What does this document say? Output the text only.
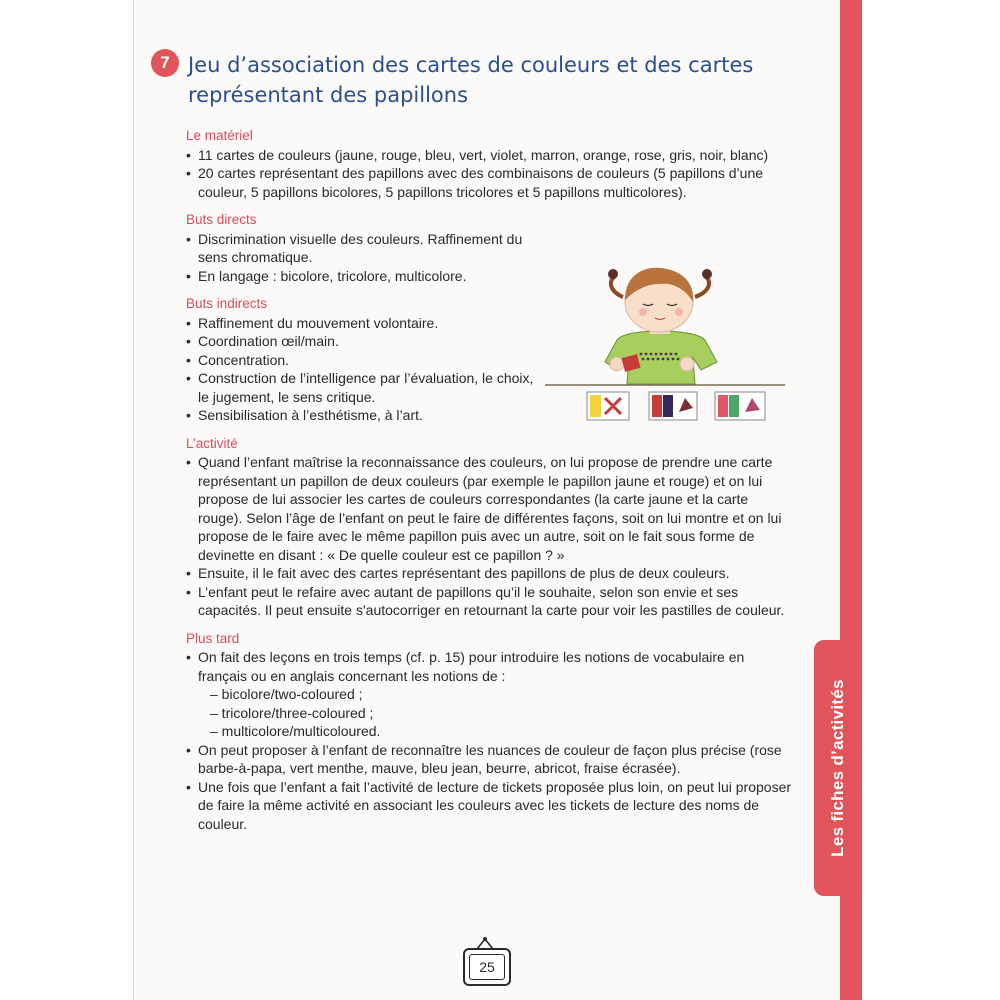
Les fiches d’activités
7 Jeu d’association des cartes de couleurs et des cartes
représentant des papillons
Le matériel
• 11 cartes de couleurs (jaune, rouge, bleu, vert, violet, marron, orange, rose, gris, noir, blanc)
• 20 cartes représentant des papillons avec des combinaisons de couleurs (5 papillons d’une couleur, 5 papillons bicolores, 5 papillons tricolores et 5 papillons multicolores).
Buts directs
• Discrimination visuelle des couleurs. Raffinement du sens chromatique.
• En langage : bicolore, tricolore, multicolore.
Buts indirects
• Raffinement du mouvement volontaire.
• Coordination œil/main.
• Concentration.
• Construction de l’intelligence par l’évaluation, le choix, le jugement, le sens critique.
• Sensibilisation à l’esthétisme, à l’art.
L’activité
• Quand l’enfant maîtrise la reconnaissance des couleurs, on lui propose de prendre une carte représentant un papillon de deux couleurs (par exemple le papillon jaune et rouge) et on lui propose de lui associer les cartes de couleurs correspondantes (la carte jaune et la carte rouge). Selon l’âge de l’enfant on peut le faire de différentes façons, soit on lui montre et on lui propose de le faire avec le même papillon puis avec un autre, soit on le fait sous forme de devinette en disant : « De quelle couleur est ce papillon ? »
• Ensuite, il le fait avec des cartes représentant des papillons de plus de deux couleurs.
• L’enfant peut le refaire avec autant de papillons qu’il le souhaite, selon son envie et ses capacités. Il peut ensuite s'autocorriger en retournant la carte pour voir les pastilles de couleur.
Plus tard
• On fait des leçons en trois temps (cf. p. 15) pour introduire les notions de vocabulaire en français ou en anglais concernant les notions de :
– bicolore/two-coloured ;
– tricolore/three-coloured ;
– multicolore/multicoloured.
• On peut proposer à l’enfant de reconnaître les nuances de couleur de façon plus précise (rose barbe-à-papa, vert menthe, mauve, bleu jean, beurre, abricot, fraise écrasée).
• Une fois que l’enfant a fait l’activité de lecture de tickets proposée plus loin, on peut lui proposer de faire la même activité en associant les couleurs avec les tickets de lecture des noms de couleur.
25
